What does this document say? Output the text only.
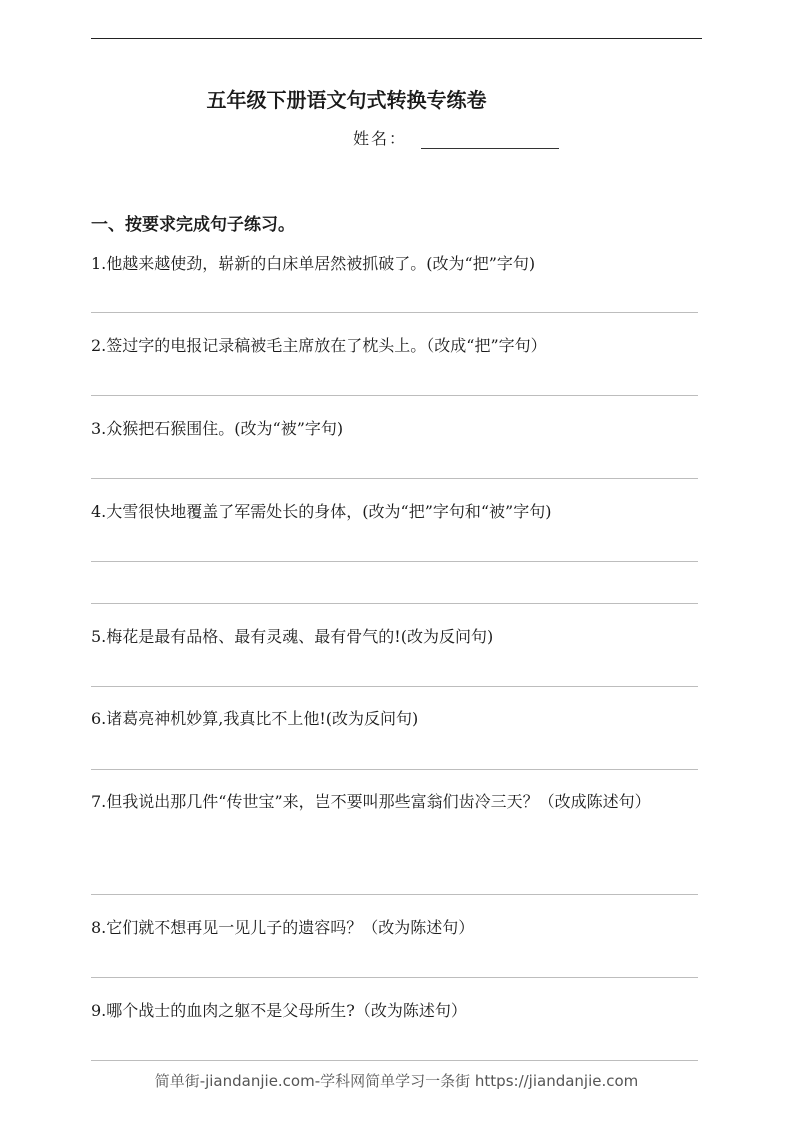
五年级下册语文句式转换专练卷
姓名：
一、按要求完成句子练习。
1.他越来越使劲，崭新的白床单居然被抓破了。(改为“把”字句)
2.签过字的电报记录稿被毛主席放在了枕头上。（改成“把”字句）
3.众猴把石猴围住。(改为“被”字句)
4.大雪很快地覆盖了军需处长的身体，(改为“把”字句和“被”字句)
5.梅花是最有品格、最有灵魂、最有骨气的!(改为反问句)
6.诸葛亮神机妙算,我真比不上他!(改为反问句)
7.但我说出那几件“传世宝”来，岂不要叫那些富翁们齿冷三天？（改成陈述句）
8.它们就不想再见一见儿子的遗容吗？（改为陈述句）
9.哪个战士的血肉之躯不是父母所生?（改为陈述句）
简单街-jiandanjie.com-学科网简单学习一条街 https://jiandanjie.com
